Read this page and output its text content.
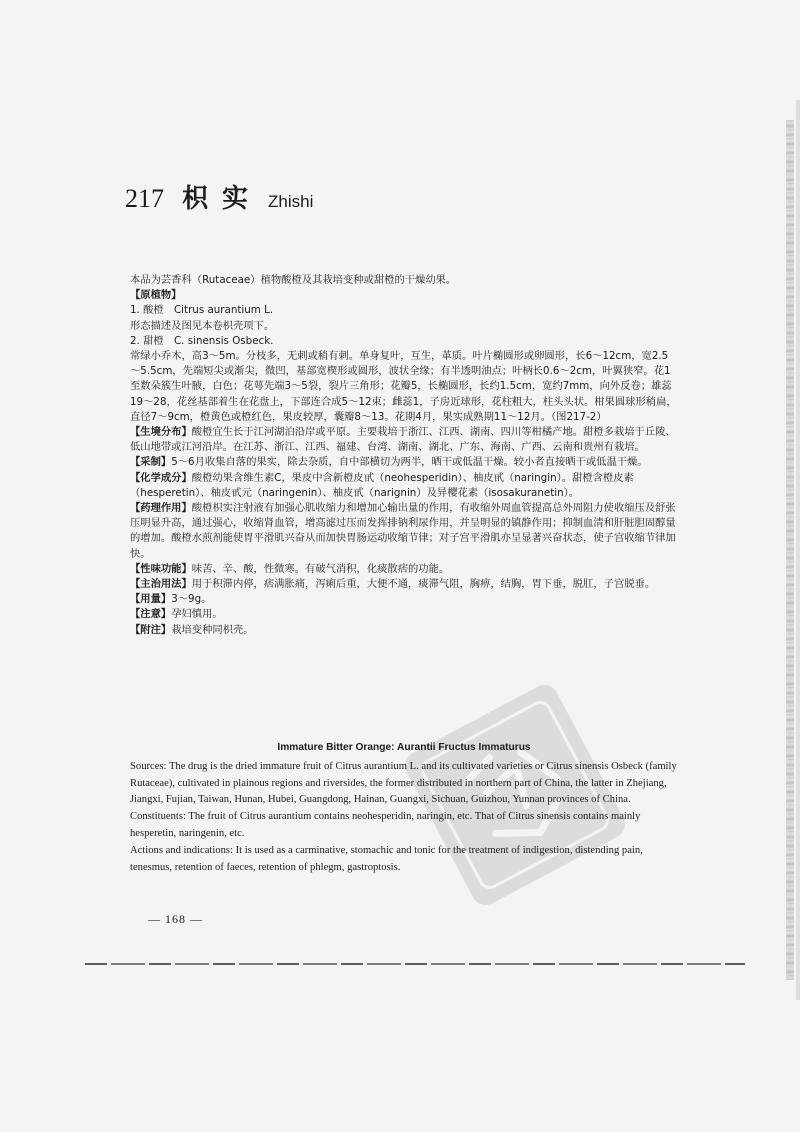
217 枳实 Zhishi

本品为芸香科（Rutaceae）植物酸橙及其栽培变种或甜橙的干燥幼果。

【原植物】

1. 酸橙　Citrus aurantium L.

形态描述及图见本卷枳壳项下。

2. 甜橙　C. sinensis Osbeck.

常绿小乔木，高3～5m。分枝多，无刺或稍有刺。单身复叶，互生，革质。叶片椭圆形或卵圆形，长6～12cm，宽2.5～5.5cm，先端短尖或渐尖，微凹，基部宽楔形或圆形，波状全缘；有半透明油点；叶柄长0.6～2cm，叶翼狭窄。花1至数朵簇生叶腋，白色；花萼先端3～5裂，裂片三角形；花瓣5，长椭圆形，长约1.5cm，宽约7mm，向外反卷；雄蕊19～28，花丝基部着生在花盘上，下部连合成5～12束；雌蕊1，子房近球形，花柱粗大，柱头头状。柑果圆球形稍扁，直径7～9cm，橙黄色或橙红色，果皮较厚，囊瓣8～13。花期4月，果实成熟期11～12月。（图217-2）

【生境分布】酸橙宜生长于江河湖泊沿岸或平原。主要栽培于浙江、江西、湖南、四川等柑橘产地。甜橙多栽培于丘陵、低山地带或江河沿岸。在江苏、浙江、江西、福建、台湾、湖南、湖北、广东、海南、广西、云南和贵州有栽培。

【采制】5～6月收集自落的果实，除去杂质，自中部横切为两半，晒干或低温干燥。较小者直接晒干或低温干燥。

【化学成分】酸橙幼果含维生素C，果皮中含新橙皮甙（neohesperidin）、柚皮甙（naringin）。甜橙含橙皮素（hesperetin）、柚皮甙元（naringenin）、柚皮甙（narignin）及异樱花素（isosakuranetin）。

【药理作用】酸橙枳实注射液有加强心肌收缩力和增加心输出量的作用，有收缩外周血管提高总外周阻力使收缩压及舒张压明显升高，通过强心，收缩肾血管，增高滤过压而发挥排钠利尿作用，并呈明显的镇静作用；抑制血清和肝脏胆固醇量的增加。酸橙水煎剂能使胃平滑肌兴奋从而加快胃肠运动收缩节律；对子宫平滑肌亦呈显著兴奋状态，使子宫收缩节律加快。

【性味功能】味苦、辛、酸，性微寒。有破气消积，化痰散痞的功能。

【主治用法】用于积滞内停，痞满胀痛，泻痢后重，大便不通，痰滞气阻，胸痹，结胸，胃下垂，脱肛，子宫脱垂。

【用量】3～9g。

【注意】孕妇慎用。

【附注】栽培变种同枳壳。

Immature Bitter Orange: Aurantii Fructus Immaturus

Sources: The drug is the dried immature fruit of Citrus aurantium L. and its cultivated varieties or Citrus sinensis Osbeck (family Rutaceae), cultivated in plainous regions and riversides, the former distributed in northern part of China, the latter in Zhejiang, Jiangxi, Fujian, Taiwan, Hunan, Hubei, Guangdong, Hainan, Guangxi, Sichuan, Guizhou, Yunnan provinces of China.

Constituents: The fruit of Citrus aurantium contains neohesperidin, naringin, etc. That of Citrus sinensis contains mainly hesperetin, naringenin, etc.

Actions and indications: It is used as a carminative, stomachic and tonic for the treatment of indigestion, distending pain, tenesmus, retention of faeces, retention of phlegm, gastroptosis.

— 168 —
